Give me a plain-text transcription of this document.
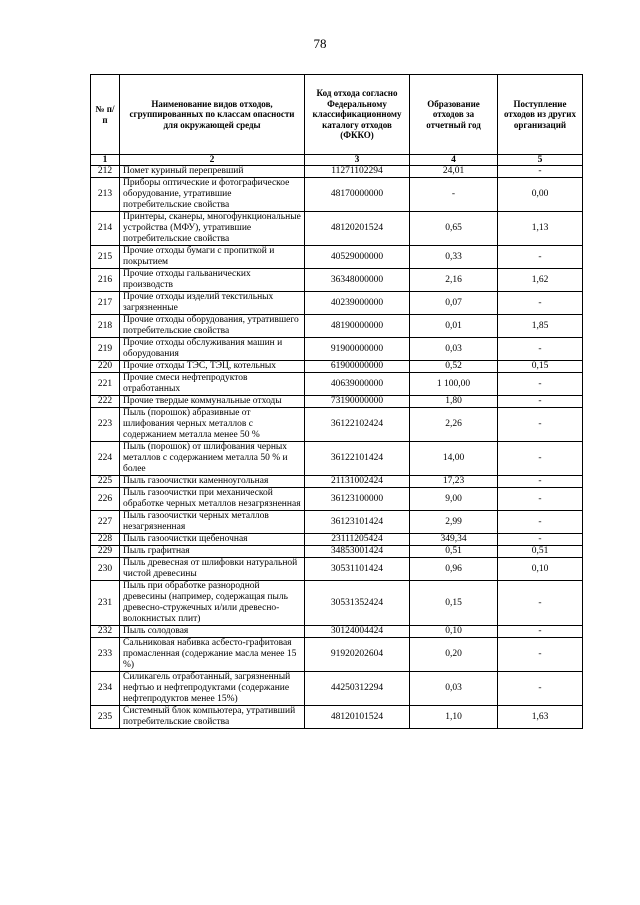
78
№ п/п	Наименование видов отходов, сгруппированных по классам опасности для окружающей среды	Код отхода согласно Федеральному классификационному каталогу отходов (ФККО)	Образование отходов за отчетный год	Поступление отходов из других организаций
1	2	3	4	5
212	Помет куриный перепревший	11271102294	24,01	-
213	Приборы оптические и фотографическое оборудование, утратившие потребительские свойства	48170000000	-	0,00
214	Принтеры, сканеры, многофункциональные устройства (МФУ), утратившие потребительские свойства	48120201524	0,65	1,13
215	Прочие отходы бумаги с пропиткой и покрытием	40529000000	0,33	-
216	Прочие отходы гальванических производств	36348000000	2,16	1,62
217	Прочие отходы изделий текстильных загрязненные	40239000000	0,07	-
218	Прочие отходы оборудования, утратившего потребительские свойства	48190000000	0,01	1,85
219	Прочие отходы обслуживания машин и оборудования	91900000000	0,03	-
220	Прочие отходы ТЭС, ТЭЦ, котельных	61900000000	0,52	0,15
221	Прочие смеси нефтепродуктов отработанных	40639000000	1 100,00	-
222	Прочие твердые коммунальные отходы	73190000000	1,80	-
223	Пыль (порошок) абразивные от шлифования черных металлов с содержанием металла менее 50 %	36122102424	2,26	-
224	Пыль (порошок) от шлифования черных металлов с содержанием металла 50 % и более	36122101424	14,00	-
225	Пыль газоочистки каменноугольная	21131002424	17,23	-
226	Пыль газоочистки при механической обработке черных металлов незагрязненная	36123100000	9,00	-
227	Пыль газоочистки черных металлов незагрязненная	36123101424	2,99	-
228	Пыль газоочистки щебеночная	23111205424	349,34	-
229	Пыль графитная	34853001424	0,51	0,51
230	Пыль древесная от шлифовки натуральной чистой древесины	30531101424	0,96	0,10
231	Пыль при обработке разнородной древесины (например, содержащая пыль древесно-стружечных и/или древесно-волокнистых плит)	30531352424	0,15	-
232	Пыль солодовая	30124004424	0,10	-
233	Сальниковая набивка асбесто-графитовая промасленная (содержание масла менее 15 %)	91920202604	0,20	-
234	Силикагель отработанный, загрязненный нефтью и нефтепродуктами (содержание нефтепродуктов менее 15%)	44250312294	0,03	-
235	Системный блок компьютера, утративший потребительские свойства	48120101524	1,10	1,63
